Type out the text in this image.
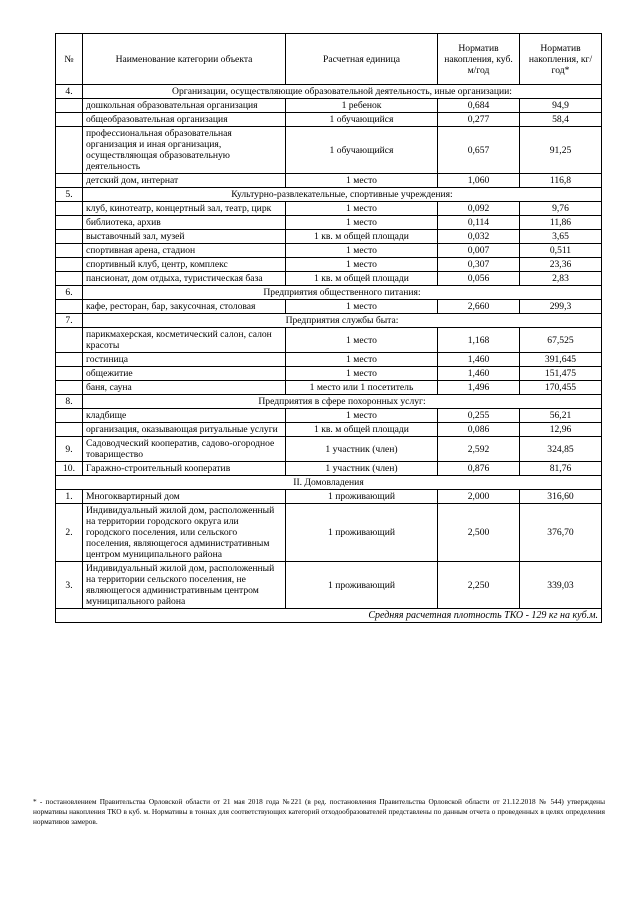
№	Наименование категории объекта	Расчетная единица	Норматив накопления, куб. м/год	Норматив накопления, кг/год*
4.	Организации, осуществляющие образовательной деятельность, иные организации:			
	дошкольная образовательная организация	1 ребенок	0,684	94,9
	общеобразовательная организация	1 обучающийся	0,277	58,4
	профессиональная образовательная организация и иная организация, осуществляющая образовательную деятельность	1 обучающийся	0,657	91,25
	детский дом, интернат	1 место	1,060	116,8
5.	Культурно-развлекательные, спортивные учреждения:			
	клуб, кинотеатр, концертный зал, театр, цирк	1 место	0,092	9,76
	библиотека, архив	1 место	0,114	11,86
	выставочный зал, музей	1 кв. м общей площади	0,032	3,65
	спортивная арена, стадион	1 место	0,007	0,511
	спортивный клуб, центр, комплекс	1 место	0,307	23,36
	пансионат, дом отдыха, туристическая база	1 кв. м общей площади	0,056	2,83
6.	Предприятия общественного питания:			
	кафе, ресторан, бар, закусочная, столовая	1 место	2,660	299,3
7.	Предприятия службы быта:			
	парикмахерская, косметический салон, салон красоты	1 место	1,168	67,525
	гостиница	1 место	1,460	391,645
	общежитие	1 место	1,460	151,475
	баня, сауна	1 место или 1 посетитель	1,496	170,455
8.	Предприятия в сфере похоронных услуг:			
	кладбище	1 место	0,255	56,21
	организация, оказывающая ритуальные услуги	1 кв. м общей площади	0,086	12,96
9.	Садоводческий кооператив, садово-огородное товарищество	1 участник (член)	2,592	324,85
10.	Гаражно-строительный кооператив	1 участник (член)	0,876	81,76
II. Домовладения				
1.	Многоквартирный дом	1 проживающий	2,000	316,60
2.	Индивидуальный жилой дом, расположенный на территории городского округа или городского поселения, или сельского поселения, являющегося административным центром муниципального района	1 проживающий	2,500	376,70
3.	Индивидуальный жилой дом, расположенный на территории сельского поселения, не являющегося административным центром муниципального района	1 проживающий	2,250	339,03
Средняя расчетная плотность ТКО - 129 кг на куб.м.				
* - постановлением Правительства Орловской области от 21 мая 2018 года №221 (в ред. постановления Правительства Орловской области от 21.12.2018 № 544) утверждены нормативы накопления ТКО в куб. м. Нормативы в тоннах для соответствующих категорий отходообразователей представлены по данным отчета о проведенных в целях определения нормативов замеров.
